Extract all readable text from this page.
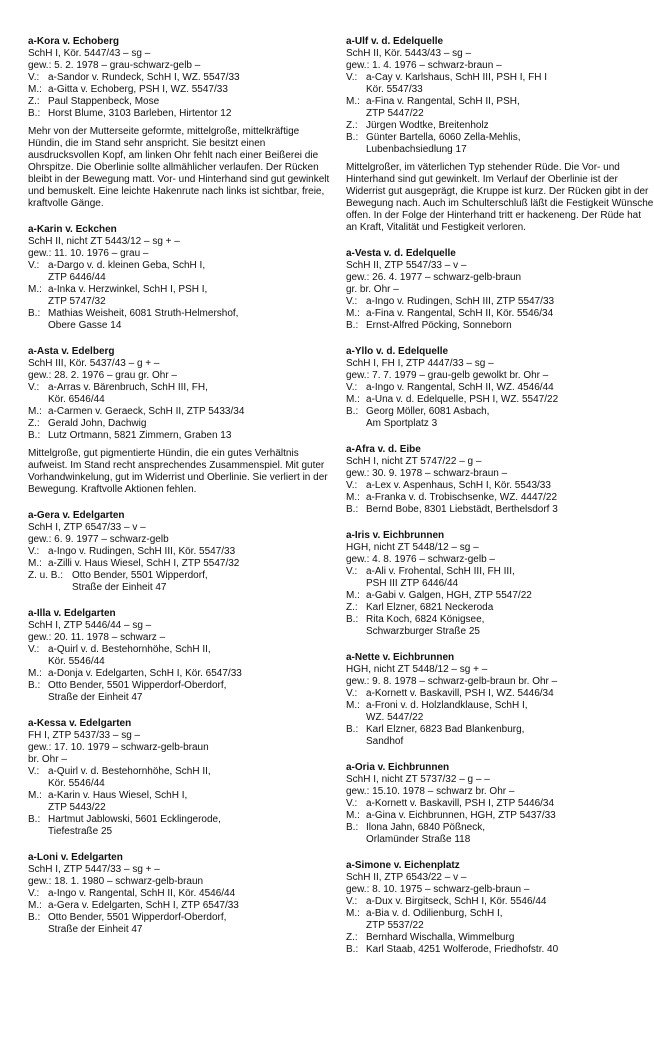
a-Kora v. Echoberg
SchH I, Kör. 5447/43 – sg –
gew.: 5. 2. 1978 – grau-schwarz-gelb –
V.: a-Sandor v. Rundeck, SchH I, WZ. 5547/33
M.: a-Gitta v. Echoberg, PSH I, WZ. 5547/33
Z.: Paul Stappenbeck, Mose
B.: Horst Blume, 3103 Barleben, Hirtentor 12
Mehr von der Mutterseite geformte, mittelgroße, mittelkräftige Hündin, die im Stand sehr anspricht. Sie besitzt einen ausdrucksvollen Kopf, am linken Ohr fehlt nach einer Beißerei die Ohrspitze. Die Oberlinie sollte allmählicher verlaufen. Der Rücken bleibt in der Bewegung matt. Vor- und Hinterhand sind gut gewinkelt und bemuskelt. Eine leichte Hakenrute nach links ist sichtbar, freie, kraftvolle Gänge.
a-Karin v. Eckchen
SchH II, nicht ZT 5443/12 – sg + –
gew.: 11. 10. 1976 – grau –
V.: a-Dargo v. d. kleinen Geba, SchH I,
ZTP 6446/44
M.: a-Inka v. Herzwinkel, SchH I, PSH I,
ZTP 5747/32
B.: Mathias Weisheit, 6081 Struth-Helmershof,
Obere Gasse 14
a-Asta v. Edelberg
SchH III, Kör. 5437/43 – g + –
gew.: 28. 2. 1976 – grau gr. Ohr –
V.: a-Arras v. Bärenbruch, SchH III, FH,
Kör. 6546/44
M.: a-Carmen v. Geraeck, SchH II, ZTP 5433/34
Z.: Gerald John, Dachwig
B.: Lutz Ortmann, 5821 Zimmern, Graben 13
Mittelgroße, gut pigmentierte Hündin, die ein gutes Verhältnis aufweist. Im Stand recht ansprechendes Zusammenspiel. Mit guter Vorhandwinkelung, gut im Widerrist und Oberlinie. Sie verliert in der Bewegung. Kraftvolle Aktionen fehlen.
a-Gera v. Edelgarten
SchH I, ZTP 6547/33 – v –
gew.: 6. 9. 1977 – schwarz-gelb
V.: a-Ingo v. Rudingen, SchH III, Kör. 5547/33
M.: a-Zilli v. Haus Wiesel, SchH I, ZTP 5547/32
Z. u. B.: Otto Bender, 5501 Wipperdorf,
Straße der Einheit 47
a-Illa v. Edelgarten
SchH I, ZTP 5446/44 – sg –
gew.: 20. 11. 1978 – schwarz –
V.: a-Quirl v. d. Bestehornhöhe, SchH II,
Kör. 5546/44
M.: a-Donja v. Edelgarten, SchH I, Kör. 6547/33
B.: Otto Bender, 5501 Wipperdorf-Oberdorf,
Straße der Einheit 47
a-Kessa v. Edelgarten
FH I, ZTP 5437/33 – sg –
gew.: 17. 10. 1979 – schwarz-gelb-braun
br. Ohr –
V.: a-Quirl v. d. Bestehornhöhe, SchH II,
Kör. 5546/44
M.: a-Karin v. Haus Wiesel, SchH I,
ZTP 5443/22
B.: Hartmut Jablowski, 5601 Ecklingerode,
Tiefestraße 25
a-Loni v. Edelgarten
SchH I, ZTP 5447/33 – sg + –
gew.: 18. 1. 1980 – schwarz-gelb-braun
V.: a-Ingo v. Rangental, SchH II, Kör. 4546/44
M.: a-Gera v. Edelgarten, SchH I, ZTP 6547/33
B.: Otto Bender, 5501 Wipperdorf-Oberdorf,
Straße der Einheit 47
a-Ulf v. d. Edelquelle
SchH II, Kör. 5443/43 – sg –
gew.: 1. 4. 1976 – schwarz-braun –
V.: a-Cay v. Karlshaus, SchH III, PSH I, FH I
Kör. 5547/33
M.: a-Fina v. Rangental, SchH II, PSH,
ZTP 5447/22
Z.: Jürgen Wodtke, Breitenholz
B.: Günter Bartella, 6060 Zella-Mehlis,
Lubenbachsiedlung 17
Mittelgroßer, im väterlichen Typ stehender Rüde. Die Vor- und Hinterhand sind gut gewinkelt. Im Verlauf der Oberlinie ist der Widerrist gut ausgeprägt, die Kruppe ist kurz. Der Rücken gibt in der Bewegung nach. Auch im Schulterschluß läßt die Festigkeit Wünsche offen. In der Folge der Hinterhand tritt er hackeneng. Der Rüde hat an Kraft, Vitalität und Festigkeit verloren.
a-Vesta v. d. Edelquelle
SchH II, ZTP 5547/33 – v –
gew.: 26. 4. 1977 – schwarz-gelb-braun
gr. br. Ohr –
V.: a-Ingo v. Rudingen, SchH III, ZTP 5547/33
M.: a-Fina v. Rangental, SchH II, Kör. 5546/34
B.: Ernst-Alfred Pöcking, Sonneborn
a-Yllo v. d. Edelquelle
SchH I, FH I, ZTP 4447/33 – sg –
gew.: 7. 7. 1979 – grau-gelb gewolkt br. Ohr –
V.: a-Ingo v. Rangental, SchH II, WZ. 4546/44
M.: a-Una v. d. Edelquelle, PSH I, WZ. 5547/22
B.: Georg Möller, 6081 Asbach,
Am Sportplatz 3
a-Afra v. d. Eibe
SchH I, nicht ZT 5747/22 – g –
gew.: 30. 9. 1978 – schwarz-braun –
V.: a-Lex v. Aspenhaus, SchH I, Kör. 5543/33
M.: a-Franka v. d. Trobischsenke, WZ. 4447/22
B.: Bernd Bobe, 8301 Liebstädt, Berthelsdorf 3
a-Iris v. Eichbrunnen
HGH, nicht ZT 5448/12 – sg –
gew.: 4. 8. 1976 – schwarz-gelb –
V.: a-Ali v. Frohental, SchH III, FH III,
PSH III ZTP 6446/44
M.: a-Gabi v. Galgen, HGH, ZTP 5547/22
Z.: Karl Elzner, 6821 Neckeroda
B.: Rita Koch, 6824 Königsee,
Schwarzburger Straße 25
a-Nette v. Eichbrunnen
HGH, nicht ZT 5448/12 – sg + –
gew.: 9. 8. 1978 – schwarz-gelb-braun br. Ohr –
V.: a-Kornett v. Baskavill, PSH I, WZ. 5446/34
M.: a-Froni v. d. Holzlandklause, SchH I,
WZ. 5447/22
B.: Karl Elzner, 6823 Bad Blankenburg,
Sandhof
a-Oria v. Eichbrunnen
SchH I, nicht ZT 5737/32 – g – –
gew.: 15.10. 1978 – schwarz br. Ohr –
V.: a-Kornett v. Baskavill, PSH I, ZTP 5446/34
M.: a-Gina v. Eichbrunnen, HGH, ZTP 5437/33
B.: Ilona Jahn, 6840 Pößneck,
Orlamünder Straße 118
a-Simone v. Eichenplatz
SchH II, ZTP 6543/22 – v –
gew.: 8. 10. 1975 – schwarz-gelb-braun –
V.: a-Dux v. Birgitseck, SchH I, Kör. 5546/44
M.: a-Bia v. d. Odilienburg, SchH I,
ZTP 5537/22
Z.: Bernhard Wischalla, Wimmelburg
B.: Karl Staab, 4251 Wolferode, Friedhofstr. 40
